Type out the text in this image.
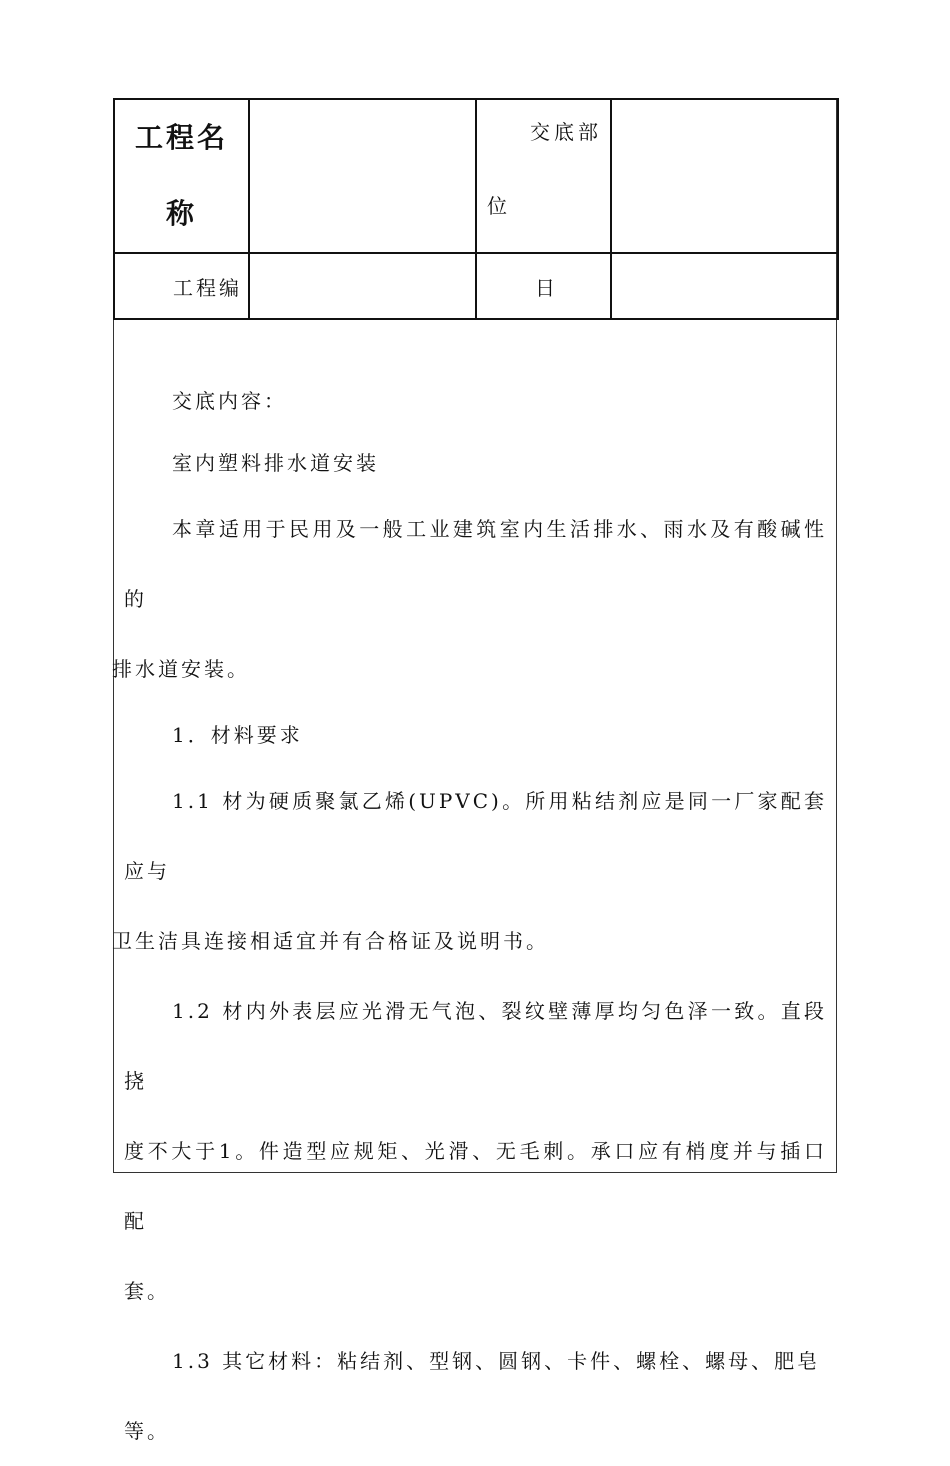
工程名
称		交底部
位	

工程编		日	

交底内容：

室内塑料排水道安装

本章适用于民用及一般工业建筑室内生活排水、雨水及有酸碱性的

排水道安装。

1．材料要求

1.1 材为硬质聚氯乙烯(UPVC)。所用粘结剂应是同一厂家配套应与

卫生洁具连接相适宜并有合格证及说明书。

1.2 材内外表层应光滑无气泡、裂纹壁薄厚均匀色泽一致。直段挠

度不大于1。件造型应规矩、光滑、无毛刺。承口应有梢度并与插口配

套。

1.3 其它材料：粘结剂、型钢、圆钢、卡件、螺栓、螺母、肥皂

等。
